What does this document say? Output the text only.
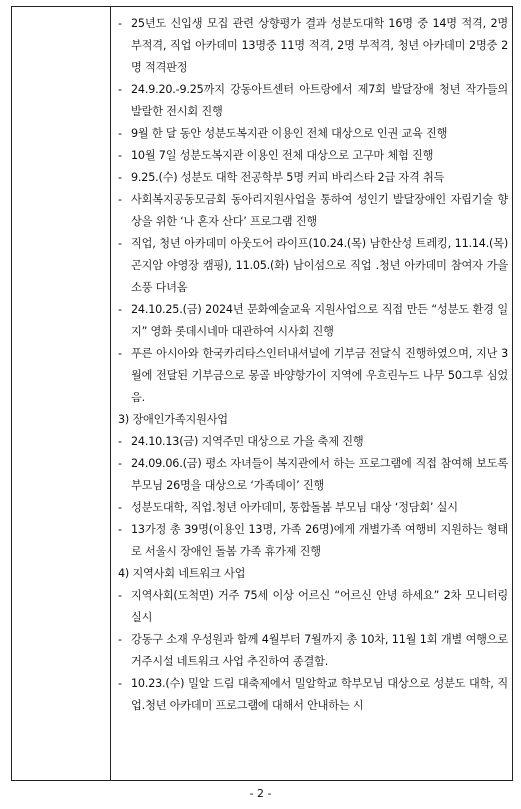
- 25년도 신입생 모집 관련 상향평가 결과 성분도대학 16명 중 14명 적격, 2명 부적격, 직업 아카데미 13명중 11명 적격, 2명 부적격, 청년 아카데미 2명중 2명 적격판정
- 24.9.20.-9.25까지 강동아트센터 아트랑에서 제7회 발달장애 청년 작가들의 발랄한 전시회 진행
- 9월 한 달 동안 성분도복지관 이용인 전체 대상으로 인권 교육 진행
- 10월 7일 성분도복지관 이용인 전체 대상으로 고구마 체험 진행
- 9.25.(수) 성분도 대학 전공학부 5명 커피 바리스타 2급 자격 취득
- 사회복지공동모금회 동아리지원사업을 통하여 성인기 발달장애인 자립기술 향상을 위한 ‘나 혼자 산다’ 프로그램 진행
- 직업, 청년 아카데미 아웃도어 라이프(10.24.(목) 남한산성 트레킹, 11.14.(목) 곤지암 야영장 캠핑), 11.05.(화) 남이섬으로 직업 ․청년 아카데미 참여자 가을 소풍 다녀옴
- 24.10.25.(금) 2024년 문화예술교육 지원사업으로 직접 만든 “성분도 환경 일지” 영화 롯데시네마 대관하여 시사회 진행
- 푸른 아시아와 한국카리타스인터내셔널에 기부금 전달식 진행하였으며, 지난 3월에 전달된 기부금으로 몽골 바양항가이 지역에 우흐린누드 나무 50그루 심었음.
3) 장애인가족지원사업
- 24.10.13(금) 지역주민 대상으로 가을 축제 진행
- 24.09.06.(금) 평소 자녀들이 복지관에서 하는 프로그램에 직접 참여해 보도록 부모님 26명을 대상으로 ‘가족데이’ 진행
- 성분도대학, 직업․청년 아카데미, 통합돌봄 부모님 대상 ‘정담회’ 실시
- 13가정 총 39명(이용인 13명, 가족 26명)에게 개별가족 여행비 지원하는 형태로 서울시 장애인 돌봄 가족 휴가제 진행
4) 지역사회 네트워크 사업
- 지역사회(도척면) 거주 75세 이상 어르신 “어르신 안녕 하세요” 2차 모니터링 실시
- 강동구 소재 우성원과 함께 4월부터 7월까지 총 10차, 11월 1회 개별 여행으로 거주시설 네트워크 사업 추진하여 종결함.
- 10.23.(수) 밀알 드림 대축제에서 밀알학교 학부모님 대상으로 성분도 대학, 직업․청년 아카데미 프로그램에 대해서 안내하는 시
- 2 -
